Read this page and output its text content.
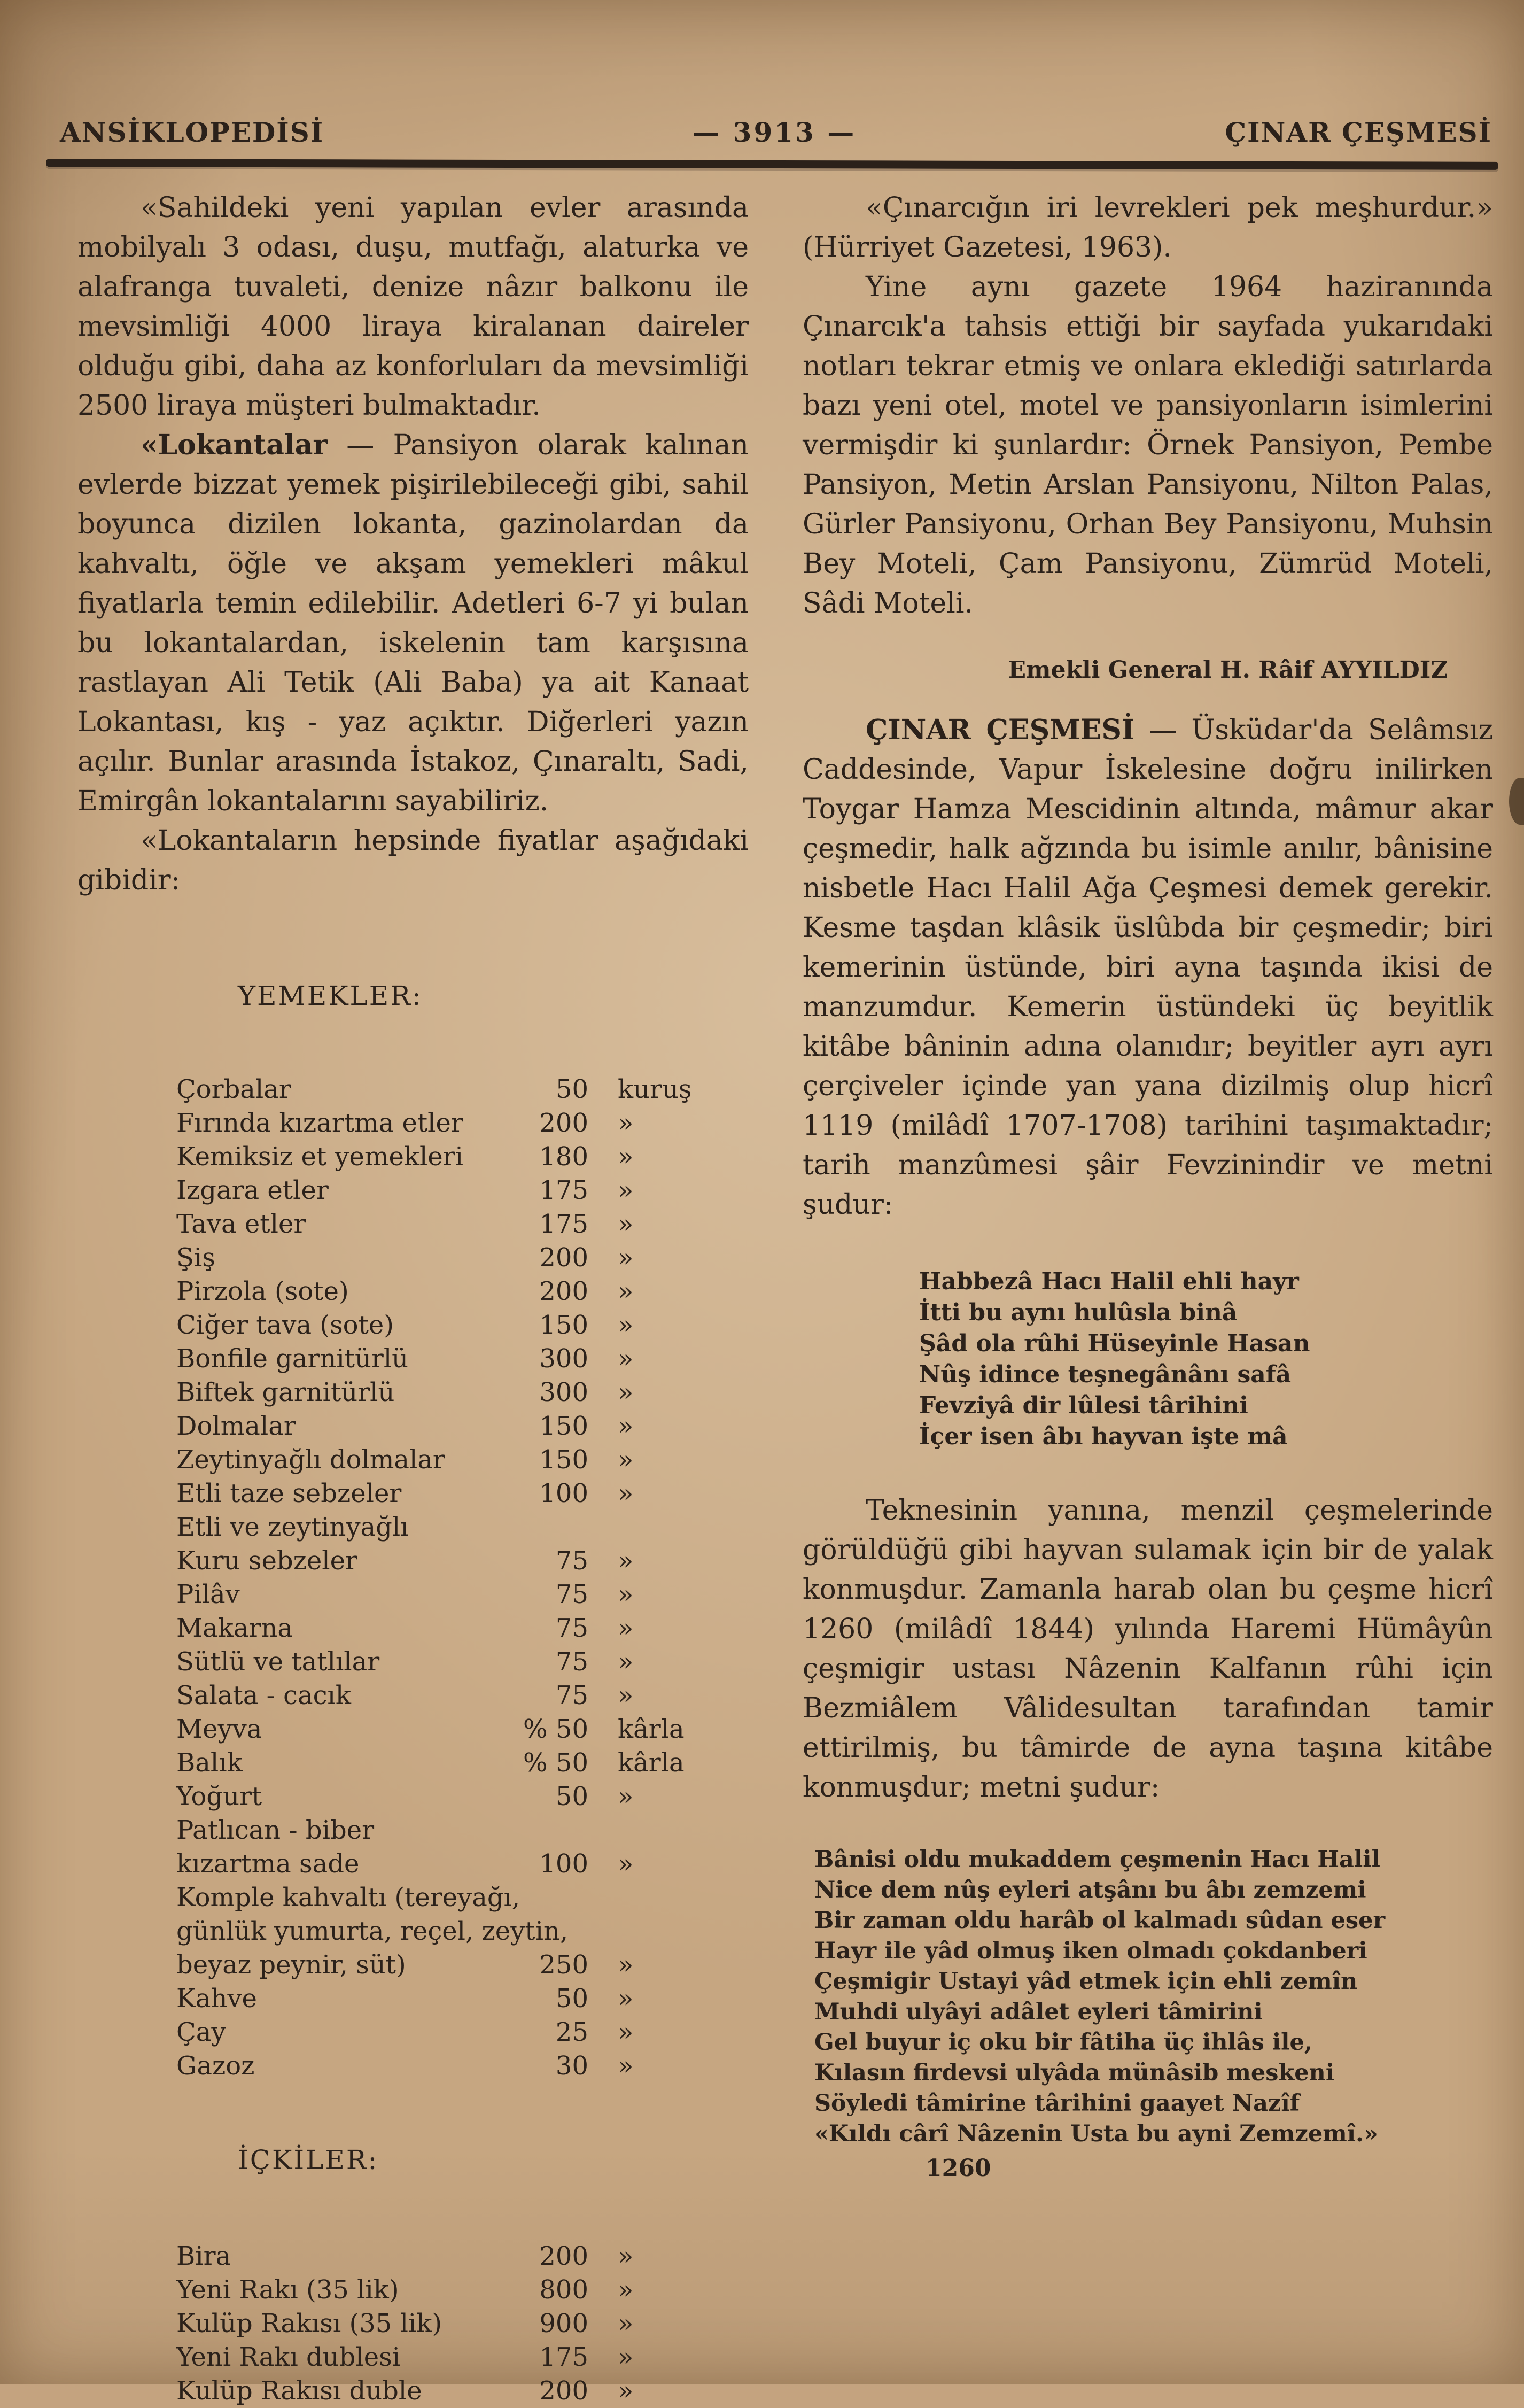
ANSİKLOPEDİSİ	— 3913 —	ÇINAR ÇEŞMESİ

«Sahildeki yeni yapılan evler arasında mobilyalı 3 odası, duşu, mutfağı, alaturka ve alafranga tuvaleti, denize nâzır balkonu ile mevsimliği 4000 liraya kiralanan daireler olduğu gibi, daha az konforluları da mevsimliği 2500 liraya müşteri bulmaktadır.

«Lokantalar — Pansiyon olarak kalınan evlerde bizzat yemek pişirilebileceği gibi, sahil boyunca dizilen lokanta, gazinolardan da kahvaltı, öğle ve akşam yemekleri mâkul fiyatlarla temin edilebilir. Adetleri 6-7 yi bulan bu lokantalardan, iskelenin tam karşısına rastlayan Ali Tetik (Ali Baba) ya ait Kanaat Lokantası, kış - yaz açıktır. Diğerleri yazın açılır. Bunlar arasında İstakoz, Çınaraltı, Sadi, Emirgân lokantalarını sayabiliriz.

«Lokantaların hepsinde fiyatlar aşağıdaki gibidir:

YEMEKLER:
Çorbalar	50	kuruş
Fırında kızartma etler	200	»
Kemiksiz et yemekleri	180	»
Izgara etler	175	»
Tava etler	175	»
Şiş	200	»
Pirzola (sote)	200	»
Ciğer tava (sote)	150	»
Bonfile garnitürlü	300	»
Biftek garnitürlü	300	»
Dolmalar	150	»
Zeytinyağlı dolmalar	150	»
Etli taze sebzeler	100	»
Etli ve zeytinyağlı
Kuru sebzeler	75	»
Pilâv	75	»
Makarna	75	»
Sütlü ve tatlılar	75	»
Salata - cacık	75	»
Meyva	% 50	kârla
Balık	% 50	kârla
Yoğurt	50	»
Patlıcan - biber
kızartma sade	100	»
Komple kahvaltı (tereyağı,
günlük yumurta, reçel, zeytin,
beyaz peynir, süt)	250	»
Kahve	50	»
Çay	25	»
Gazoz	30	»
İÇKİLER:
Bira	200	»
Yeni Rakı (35 lik)	800	»
Kulüp Rakısı (35 lik)	900	»
Yeni Rakı dublesi	175	»
Kulüp Rakısı duble	200	»

«Çınarcığın iri levrekleri pek meşhurdur.» (Hürriyet Gazetesi, 1963).

Yine aynı gazete 1964 haziranında Çınarcık'a tahsis ettiği bir sayfada yukarıdaki notları tekrar etmiş ve onlara eklediği satırlarda bazı yeni otel, motel ve pansiyonların isimlerini vermişdir ki şunlardır: Örnek Pansiyon, Pembe Pansiyon, Metin Arslan Pansiyonu, Nilton Palas, Gürler Pansiyonu, Orhan Bey Pansiyonu, Muhsin Bey Moteli, Çam Pansiyonu, Zümrüd Moteli, Sâdi Moteli.

Emekli General H. Râif AYYILDIZ

ÇINAR ÇEŞMESİ — Üsküdar'da Selâmsız Caddesinde, Vapur İskelesine doğru inilirken Toygar Hamza Mescidinin altında, mâmur akar çeşmedir, halk ağzında bu isimle anılır, bânisine nisbetle Hacı Halil Ağa Çeşmesi demek gerekir. Kesme taşdan klâsik üslûbda bir çeşmedir; biri kemerinin üstünde, biri ayna taşında ikisi de manzumdur. Kemerin üstündeki üç beyitlik kitâbe bâninin adına olanıdır; beyitler ayrı ayrı çerçiveler içinde yan yana dizilmiş olup hicrî 1119 (milâdî 1707-1708) tarihini taşımaktadır; tarih manzûmesi şâir Fevzinindir ve metni şudur:

Habbezâ Hacı Halil ehli hayr
İtti bu aynı hulûsla binâ
Şâd ola rûhi Hüseyinle Hasan
Nûş idince teşnegânânı safâ
Fevziyâ dir lûlesi târihini
İçer isen âbı hayvan işte mâ

Teknesinin yanına, menzil çeşmelerinde görüldüğü gibi hayvan sulamak için bir de yalak konmuşdur. Zamanla harab olan bu çeşme hicrî 1260 (milâdî 1844) yılında Haremi Hümâyûn çeşmigir ustası Nâzenin Kalfanın rûhi için Bezmiâlem Vâlidesultan tarafından tamir ettirilmiş, bu tâmirde de ayna taşına kitâbe konmuşdur; metni şudur:

Bânisi oldu mukaddem çeşmenin Hacı Halil
Nice dem nûş eyleri atşânı bu âbı zemzemi
Bir zaman oldu harâb ol kalmadı sûdan eser
Hayr ile yâd olmuş iken olmadı çokdanberi
Çeşmigir Ustayi yâd etmek için ehli zemîn
Muhdi ulyâyi adâlet eyleri tâmirini
Gel buyur iç oku bir fâtiha üç ihlâs ile,
Kılasın firdevsi ulyâda münâsib meskeni
Söyledi tâmirine târihini gaayet Nazîf
«Kıldı cârî Nâzenin Usta bu ayni Zemzemî.»
1260
